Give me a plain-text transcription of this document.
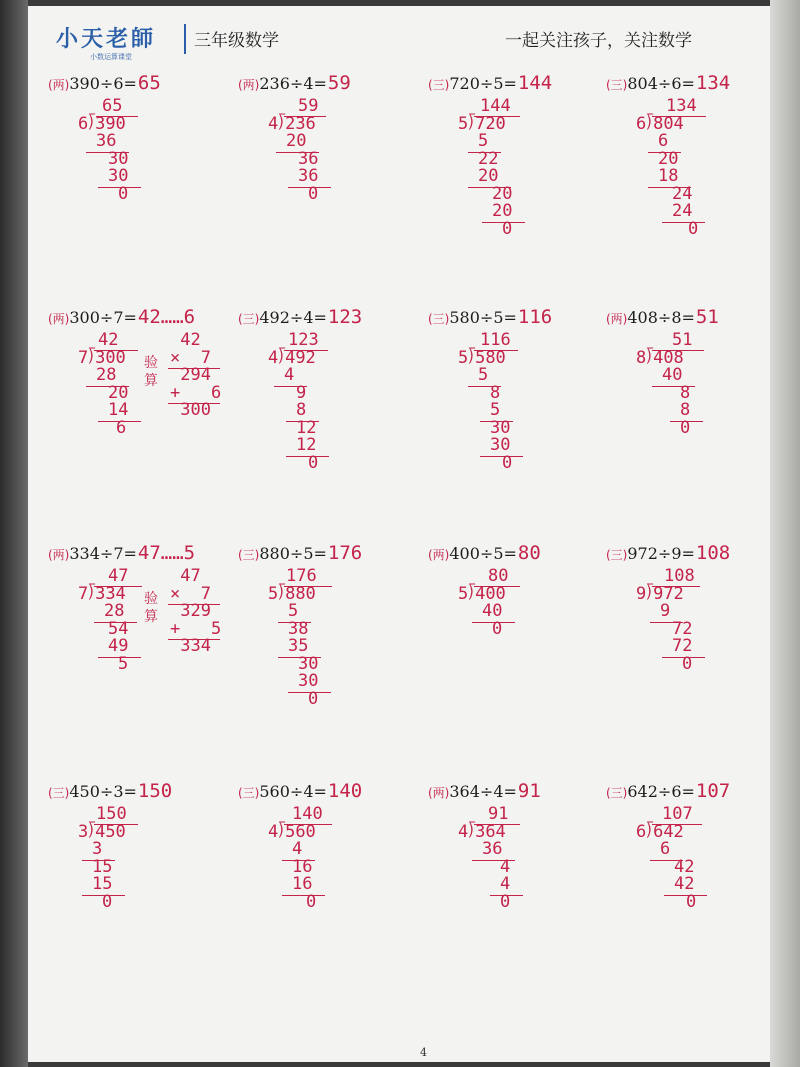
小天老師
小数运算课堂
三年级数学	一起关注孩子，关注数学
(两)390÷6=65
65
6⟌390
36
30
30
0
(两)236÷4=59
59
4⟌236
20
36
36
0
(三)720÷5=144
144
5⟌720
5
22
20
20
20
0
(三)804÷6=134
134
6⟌804
6
20
18
24
24
0
(两)300÷7=42……6
42
7⟌300
28
20
14
6
验算
42
×  7
294
+   6
300
(三)492÷4=123
123
4⟌492
4
9
8
12
12
0
(三)580÷5=116
116
5⟌580
5
8
5
30
30
0
(两)408÷8=51
51
8⟌408
40
8
8
0
(两)334÷7=47……5
47
7⟌334
28
54
49
5
验算
47
×  7
329
+   5
334
(三)880÷5=176
176
5⟌880
5
38
35
30
30
0
(两)400÷5=80
80
5⟌400
40
0
(三)972÷9=108
108
9⟌972
9
72
72
0
(三)450÷3=150
150
3⟌450
3
15
15
0
(三)560÷4=140
140
4⟌560
4
16
16
0
(两)364÷4=91
91
4⟌364
36
4
4
0
(三)642÷6=107
107
6⟌642
6
42
42
0
4
